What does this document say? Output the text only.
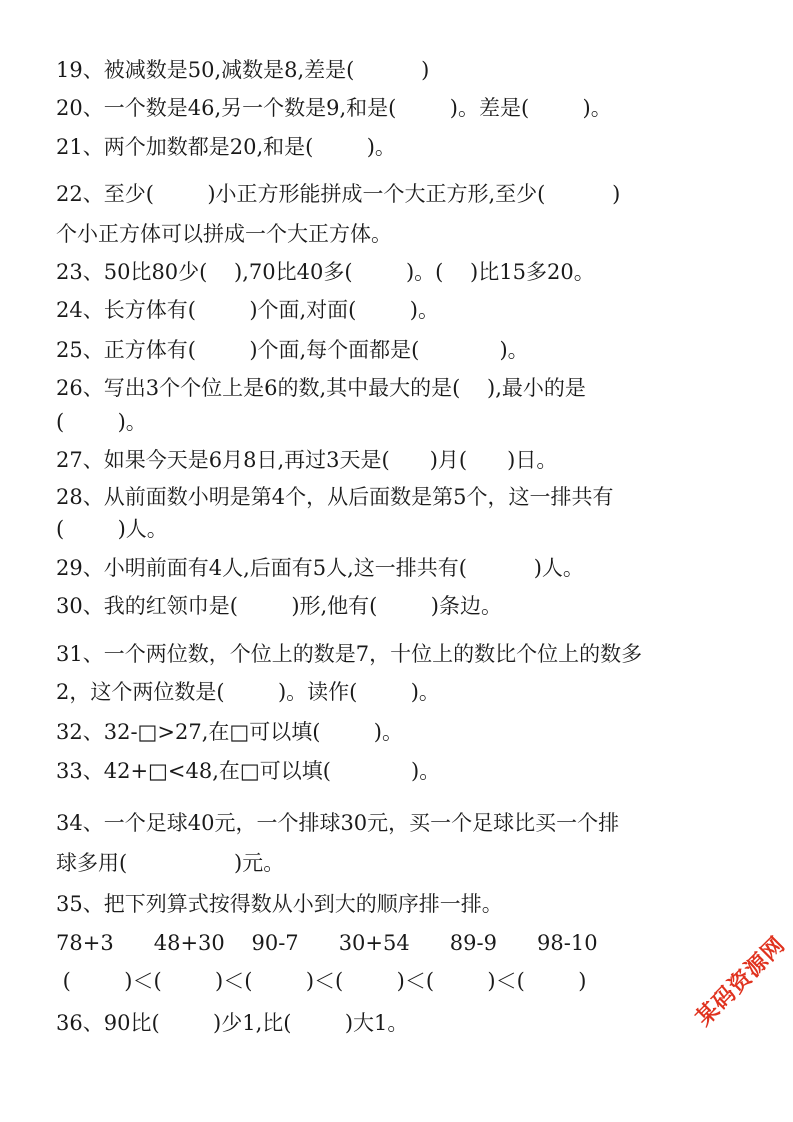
19、被减数是50,减数是8,差是(          )

20、一个数是46,另一个数是9,和是(        )。差是(        )。

21、两个加数都是20,和是(        )。

22、至少(        )小正方形能拼成一个大正方形,至少(          )

个小正方体可以拼成一个大正方体。

23、50比80少(    ),70比40多(        )。(    )比15多20。

24、长方体有(        )个面,对面(        )。

25、正方体有(        )个面,每个面都是(            )。

26、写出3个个位上是6的数,其中最大的是(    ),最小的是

(        )。

27、如果今天是6月8日,再过3天是(      )月(      )日。

28、从前面数小明是第4个，从后面数是第5个，这一排共有

(        )人。

29、小明前面有4人,后面有5人,这一排共有(          )人。

30、我的红领巾是(        )形,他有(        )条边。

31、一个两位数，个位上的数是7，十位上的数比个位上的数多

2，这个两位数是(        )。读作(        )。

32、32-□>27,在□可以填(        )。

33、42+□<48,在□可以填(            )。

34、一个足球40元，一个排球30元，买一个足球比买一个排

球多用(                )元。

35、把下列算式按得数从小到大的顺序排一排。

78+3      48+30    90-7      30+54      89-9      98-10

(        )＜(        )＜(        )＜(        )＜(        )＜(        )

36、90比(        )少1,比(        )大1。	某码资源网
